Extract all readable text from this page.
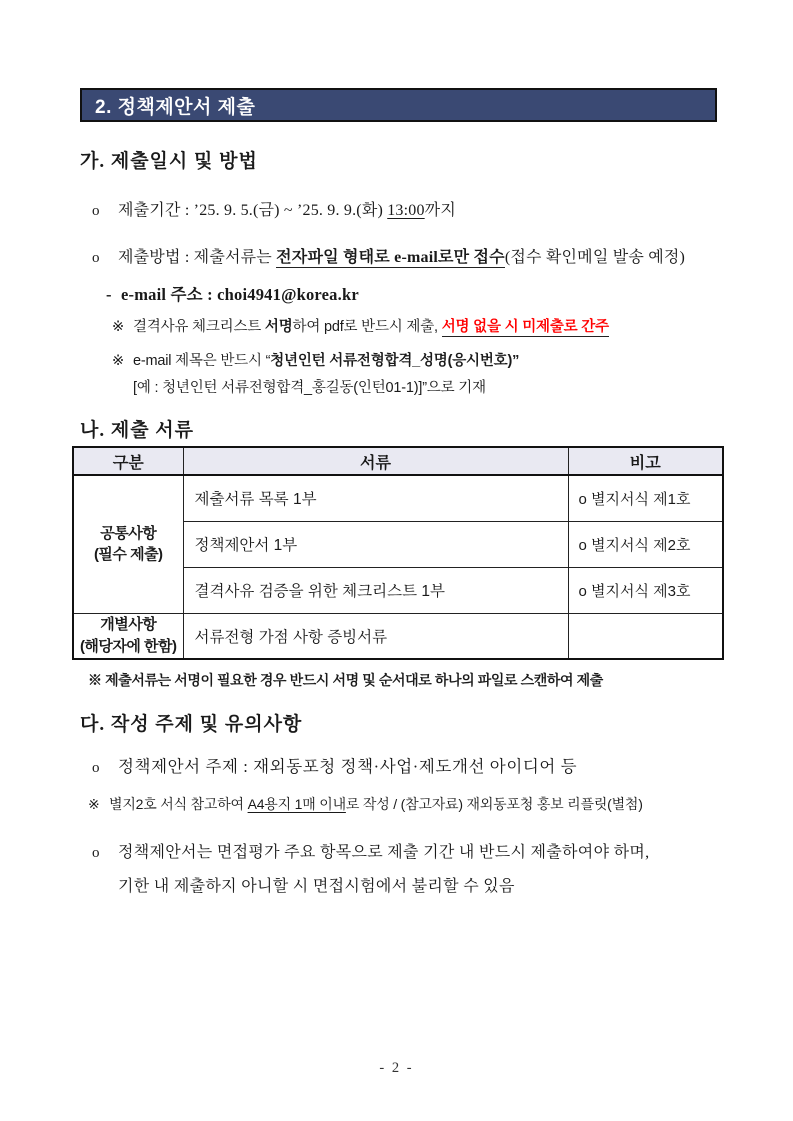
2. 정책제안서 제출
가. 제출일시 및 방법
o 제출기간 : ’25. 9. 5.(금) ~ ’25. 9. 9.(화) 13:00까지
o 제출방법 : 제출서류는 전자파일 형태로 e-mail로만 접수(접수 확인메일 발송 예정)
- e-mail 주소 : choi4941@korea.kr
※ 결격사유 체크리스트 서명하여 pdf로 반드시 제출, 서명 없을 시 미제출로 간주
※ e-mail 제목은 반드시 “청년인턴 서류전형합격_성명(응시번호)”
[예 : 청년인턴 서류전형합격_홍길동(인턴01-1)]”으로 기재
나. 제출 서류
구분	서류	비고

공통사항
(필수 제출)	제출서류 목록 1부	o 별지서식 제1호
	정책제안서 1부	o 별지서식 제2호
	결격사유 검증을 위한 체크리스트 1부	o 별지서식 제3호

개별사항
(해당자에 한함)	서류전형 가점 사항 증빙서류	
※ 제출서류는 서명이 필요한 경우 반드시 서명 및 순서대로 하나의 파일로 스캔하여 제출
다. 작성 주제 및 유의사항
o 정책제안서 주제 : 재외동포청 정책·사업·제도개선 아이디어 등
※ 별지2호 서식 참고하여 A4용지 1매 이내로 작성 / (참고자료) 재외동포청 홍보 리플릿(별첨)
o 정책제안서는 면접평가 주요 항목으로 제출 기간 내 반드시 제출하여야 하며,
기한 내 제출하지 아니할 시 면접시험에서 불리할 수 있음
- 2 -
